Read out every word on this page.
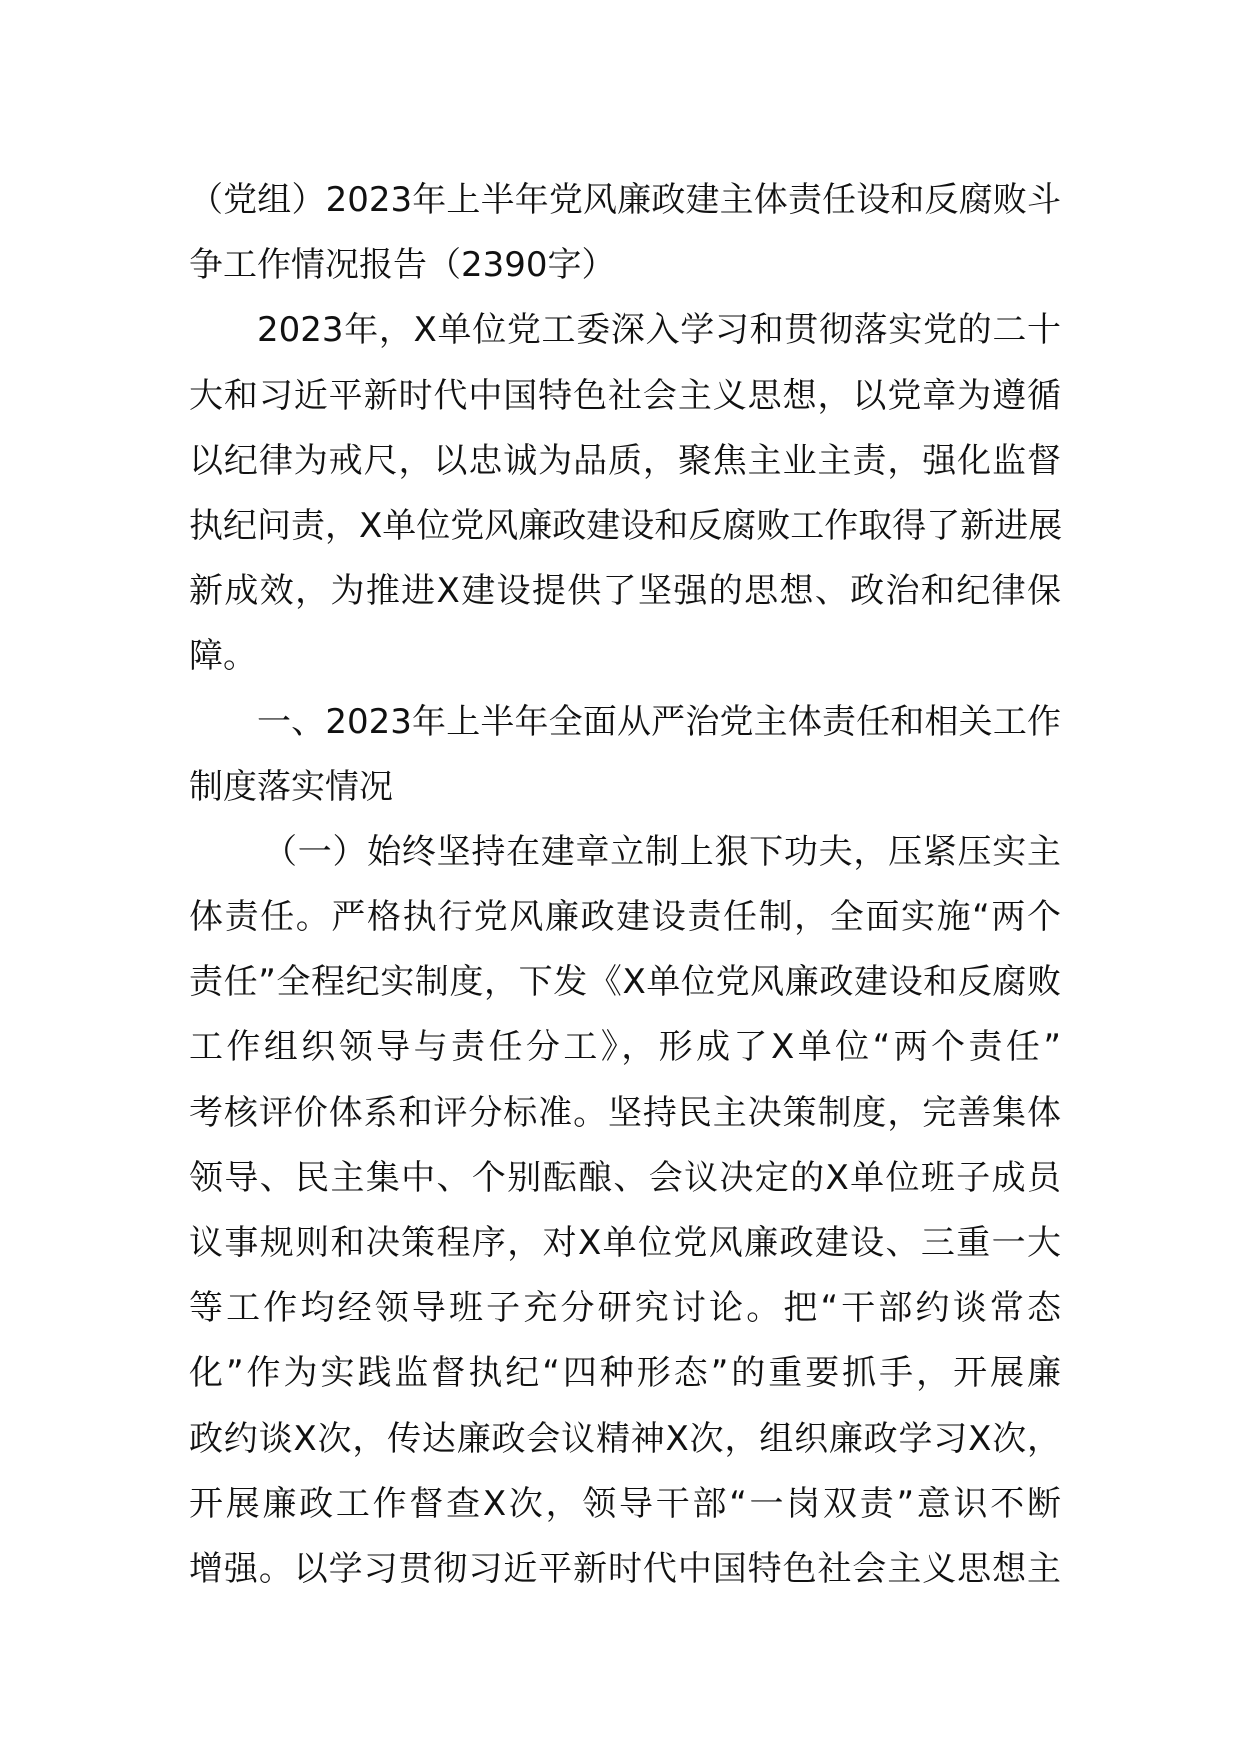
（党组）2023年上半年党风廉政建主体责任设和反腐败斗
争工作情况报告（2390字）
2023年，X单位党工委深入学习和贯彻落实党的二十
大和习近平新时代中国特色社会主义思想，以党章为遵循
以纪律为戒尺，以忠诚为品质，聚焦主业主责，强化监督
执纪问责，X单位党风廉政建设和反腐败工作取得了新进展
新成效，为推进X建设提供了坚强的思想、政治和纪律保
障。
一、2023年上半年全面从严治党主体责任和相关工作
制度落实情况
（一）始终坚持在建章立制上狠下功夫，压紧压实主
体责任。严格执行党风廉政建设责任制，全面实施“两个
责任”全程纪实制度，下发《X单位党风廉政建设和反腐败
工作组织领导与责任分工》，形成了X单位“两个责任”
考核评价体系和评分标准。坚持民主决策制度，完善集体
领导、民主集中、个别酝酿、会议决定的X单位班子成员
议事规则和决策程序，对X单位党风廉政建设、三重一大
等工作均经领导班子充分研究讨论。把“干部约谈常态
化”作为实践监督执纪“四种形态”的重要抓手，开展廉
政约谈X次，传达廉政会议精神X次，组织廉政学习X次，
开展廉政工作督查X次，领导干部“一岗双责”意识不断
增强。以学习贯彻习近平新时代中国特色社会主义思想主
